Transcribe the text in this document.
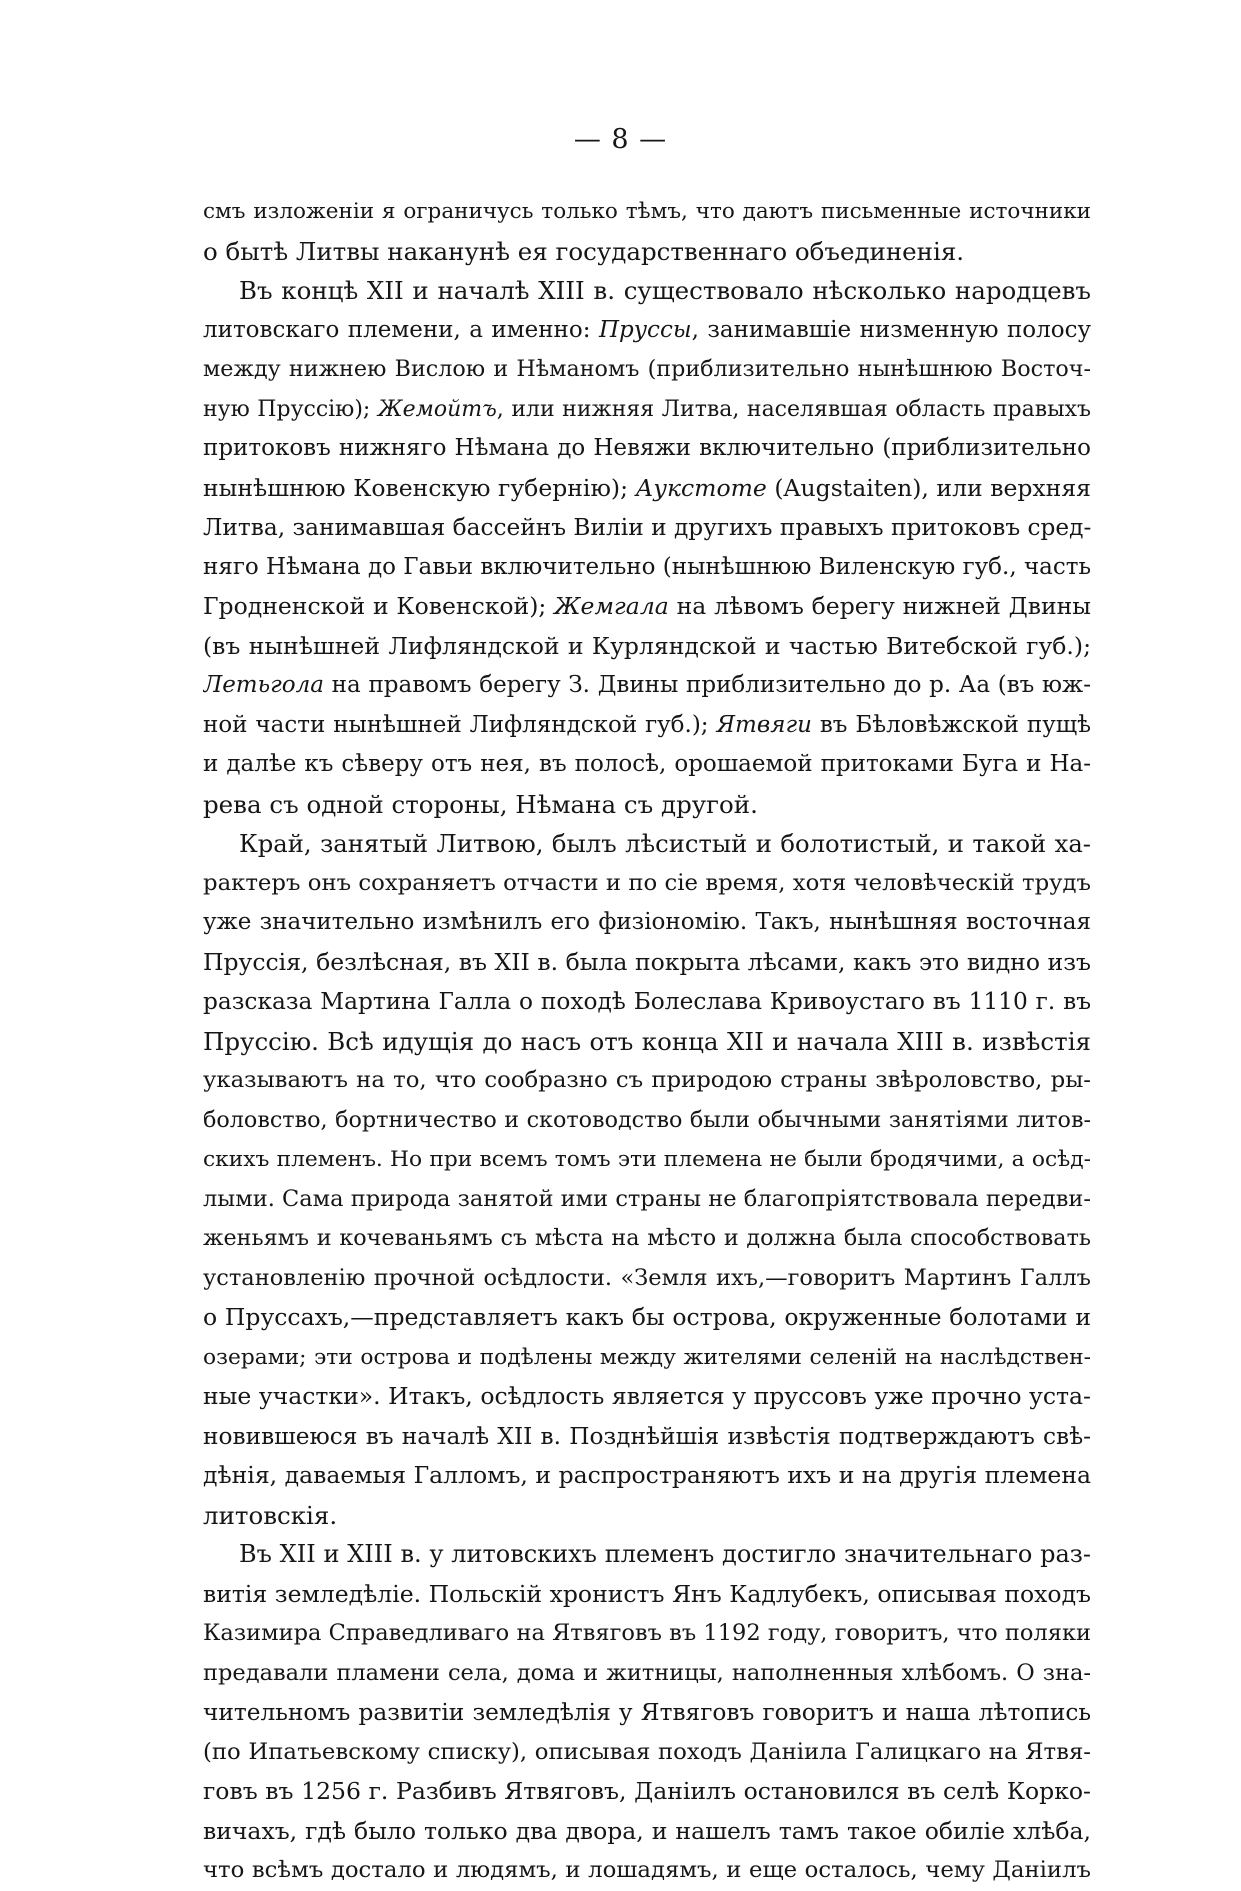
— 8 —
смъ изложеніи я ограничусь только тѣмъ, что даютъ письменные источники
о бытѣ Литвы наканунѣ ея государственнаго объединенія.
Въ концѣ XII и началѣ XIII в. существовало нѣсколько народцевъ
литовскаго племени, а именно: Пруссы, занимавшіе низменную полосу
между нижнею Вислою и Нѣманомъ (приблизительно нынѣшнюю Восточ-
ную Пруссію); Жемойтъ, или нижняя Литва, населявшая область правыхъ
притоковъ нижняго Нѣмана до Невяжи включительно (приблизительно
нынѣшнюю Ковенскую губернію); Аукстоте (Augstaiten), или верхняя
Литва, занимавшая бассейнъ Виліи и другихъ правыхъ притоковъ сред-
няго Нѣмана до Гавьи включительно (нынѣшнюю Виленскую губ., часть
Гродненской и Ковенской); Жемгала на лѣвомъ берегу нижней Двины
(въ нынѣшней Лифляндской и Курляндской и частью Витебской губ.);
Летьгола на правомъ берегу З. Двины приблизительно до р. Аа (въ юж-
ной части нынѣшней Лифляндской губ.); Ятвяги въ Бѣловѣжской пущѣ
и далѣе къ сѣверу отъ нея, въ полосѣ, орошаемой притоками Буга и На-
рева съ одной стороны, Нѣмана съ другой.
Край, занятый Литвою, былъ лѣсистый и болотистый, и такой ха-
рактеръ онъ сохраняетъ отчасти и по сіе время, хотя человѣческій трудъ
уже значительно измѣнилъ его физіономію. Такъ, нынѣшняя восточная
Пруссія, безлѣсная, въ XII в. была покрыта лѣсами, какъ это видно изъ
разсказа Мартина Галла о походѣ Болеслава Кривоустаго въ 1110 г. въ
Пруссію. Всѣ идущія до насъ отъ конца XII и начала XIII в. извѣстія
указываютъ на то, что сообразно съ природою страны звѣроловство, ры-
боловство, бортничество и скотоводство были обычными занятіями литов-
скихъ племенъ. Но при всемъ томъ эти племена не были бродячими, а осѣд-
лыми. Сама природа занятой ими страны не благопріятствовала передви-
женьямъ и кочеваньямъ съ мѣста на мѣсто и должна была способствовать
установленію прочной осѣдлости. «Земля ихъ,—говоритъ Мартинъ Галлъ
о Пруссахъ,—представляетъ какъ бы острова, окруженные болотами и
озерами; эти острова и подѣлены между жителями селеній на наслѣдствен-
ные участки». Итакъ, осѣдлость является у пруссовъ уже прочно уста-
новившеюся въ началѣ XII в. Позднѣйшія извѣстія подтверждаютъ свѣ-
дѣнія, даваемыя Галломъ, и распространяютъ ихъ и на другія племена
литовскія.
Въ XII и XIII в. у литовскихъ племенъ достигло значительнаго раз-
витія земледѣліе. Польскій хронистъ Янъ Кадлубекъ, описывая походъ
Казимира Справедливаго на Ятвяговъ въ 1192 году, говоритъ, что поляки
предавали пламени села, дома и житницы, наполненныя хлѣбомъ. О зна-
чительномъ развитіи земледѣлія у Ятвяговъ говоритъ и наша лѣтопись
(по Ипатьевскому списку), описывая походъ Даніила Галицкаго на Ятвя-
говъ въ 1256 г. Разбивъ Ятвяговъ, Даніилъ остановился въ селѣ Корко-
вичахъ, гдѣ было только два двора, и нашелъ тамъ такое обиліе хлѣба,
что всѣмъ достало и людямъ, и лошадямъ, и еще осталось, чему Даніилъ
